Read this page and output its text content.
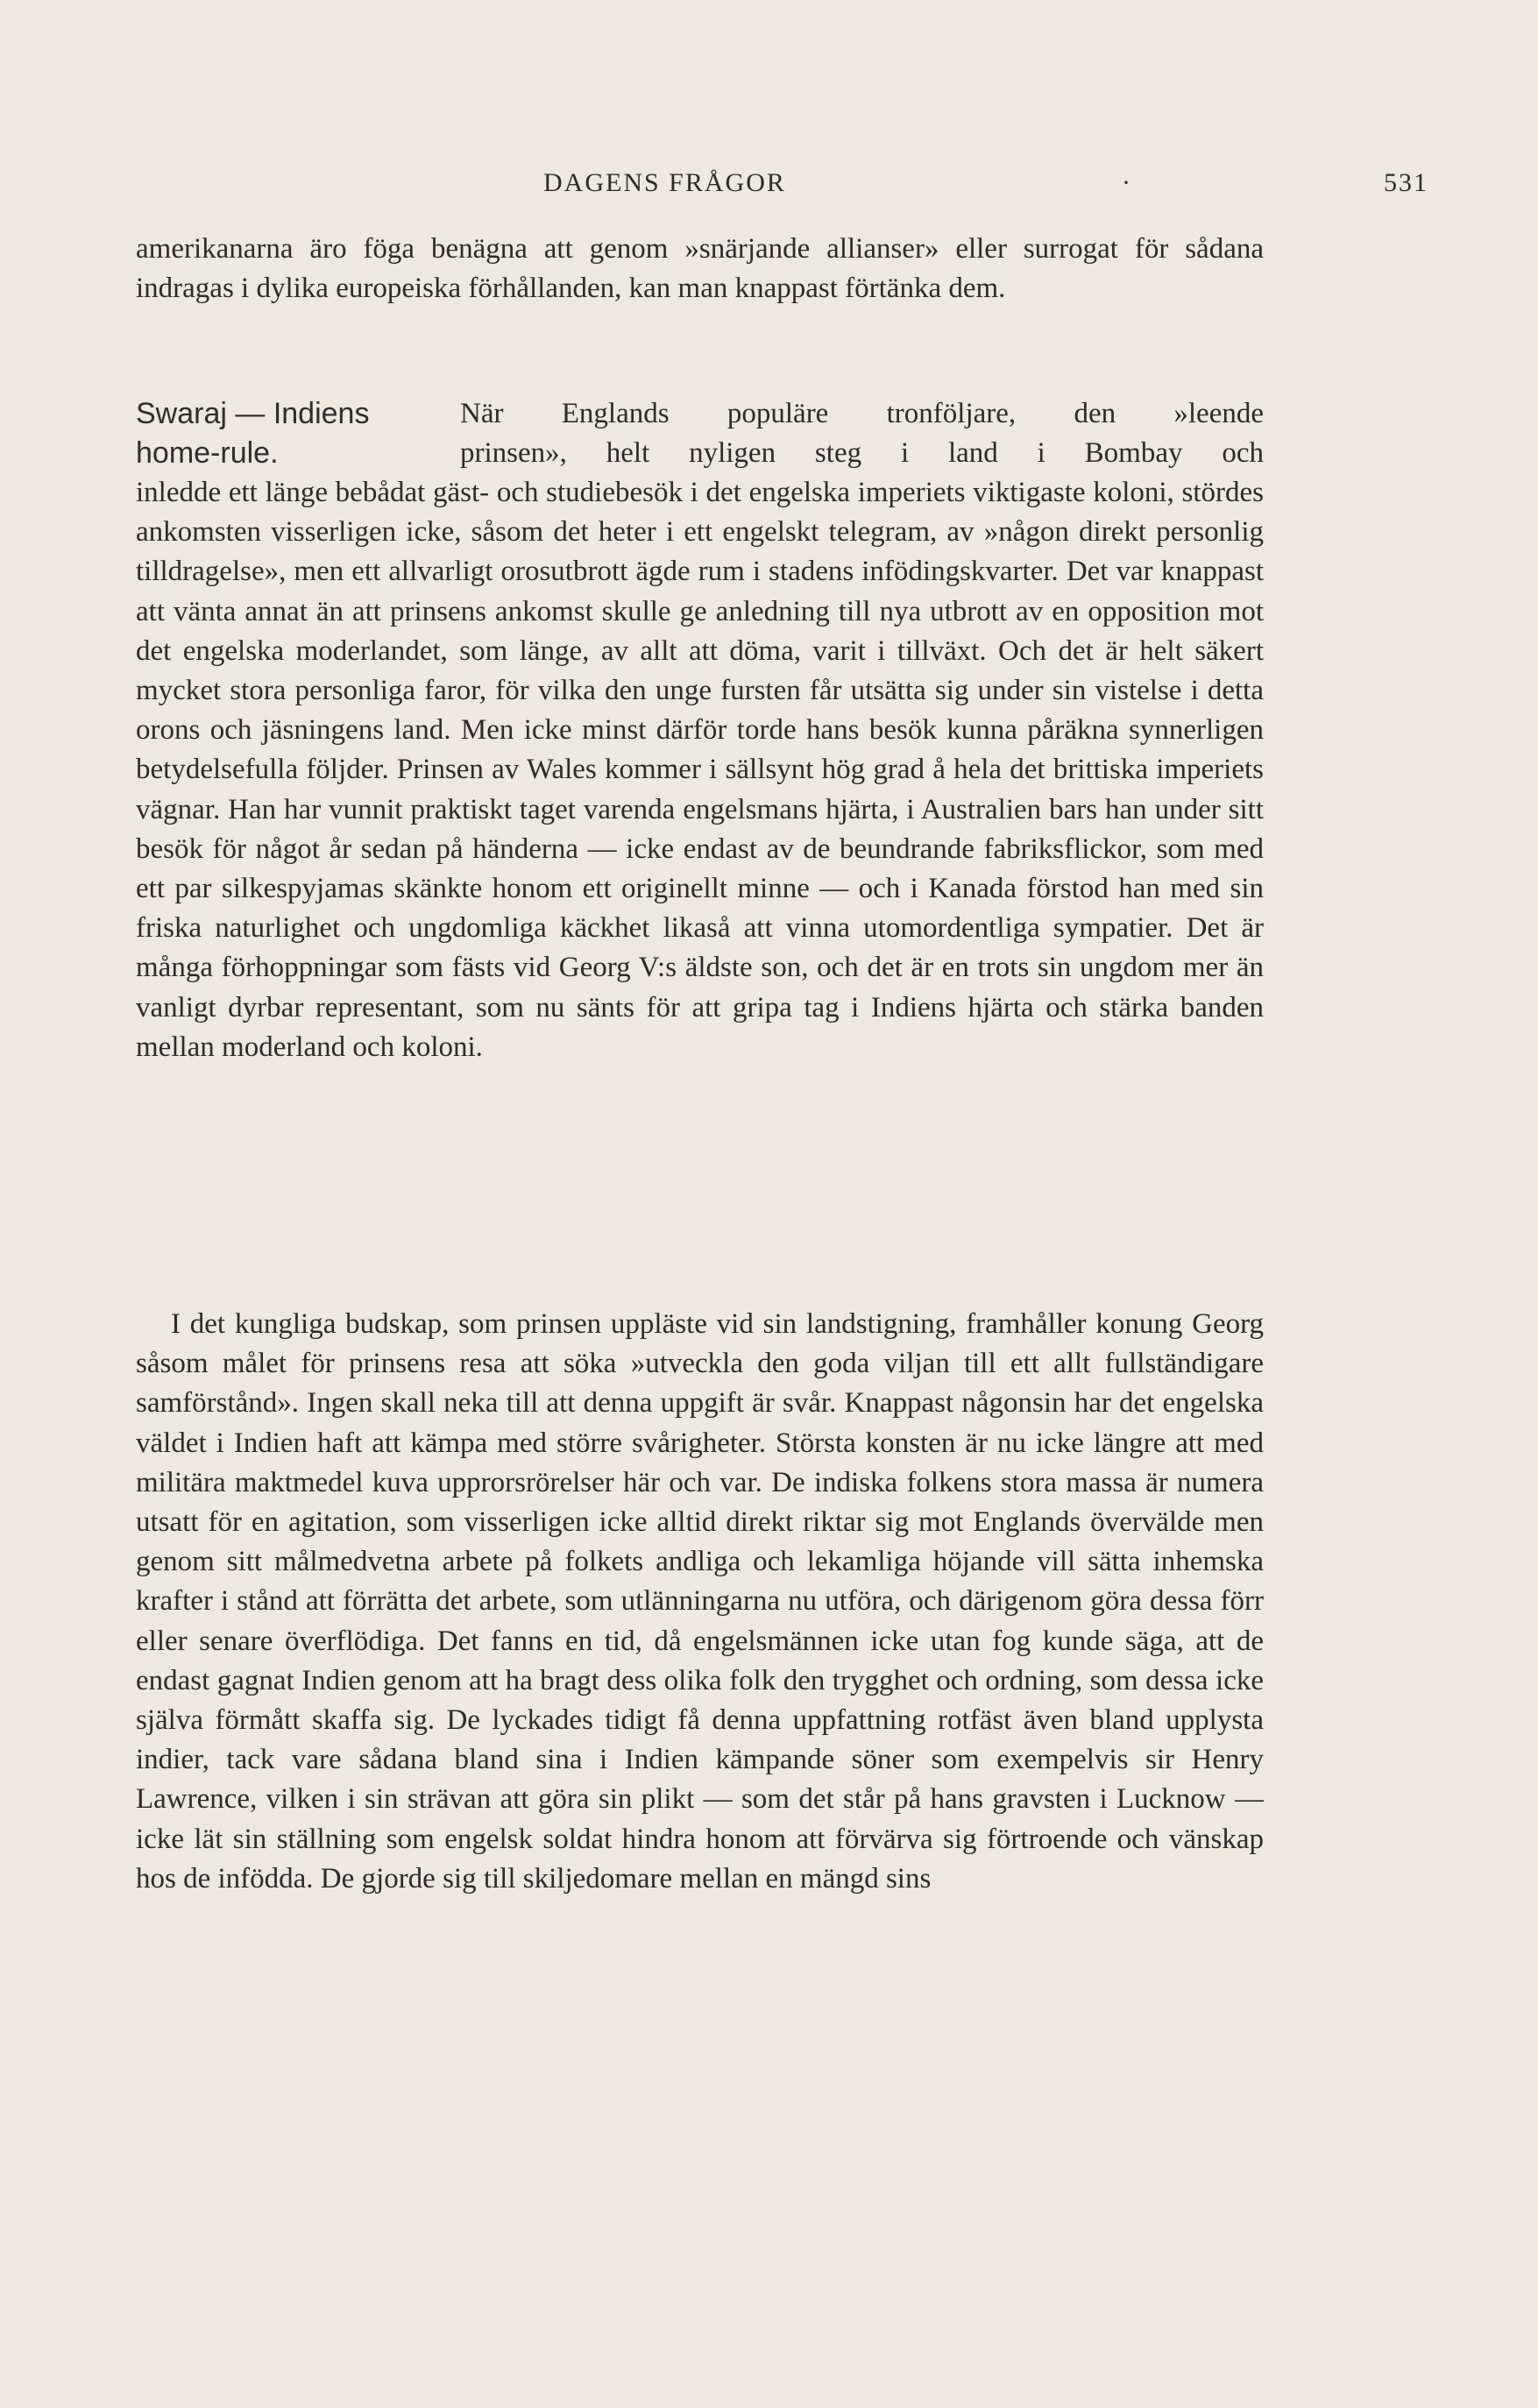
DAGENS FRÅGOR	·	531

amerikanarna äro föga benägna att genom »snärjande allianser» eller surrogat för sådana indragas i dylika europeiska förhållanden, kan man knappast förtänka dem.

Swaraj — Indiens
home-rule.
När Englands populäre tronföljare, den »leende
prinsen», helt nyligen steg i land i Bombay och

inledde ett länge bebådat gäst- och studiebesök i det engelska imperiets viktigaste koloni, stördes ankomsten visserligen icke, såsom det heter i ett engelskt telegram, av »någon direkt personlig tilldragelse», men ett allvarligt orosutbrott ägde rum i stadens infödingskvarter. Det var knappast att vänta annat än att prinsens ankomst skulle ge anledning till nya utbrott av en opposition mot det engelska moderlandet, som länge, av allt att döma, varit i tillväxt. Och det är helt säkert mycket stora personliga faror, för vilka den unge fursten får utsätta sig under sin vistelse i detta orons och jäsningens land. Men icke minst därför torde hans besök kunna påräkna synnerligen betydelsefulla följder. Prinsen av Wales kommer i sällsynt hög grad å hela det brittiska imperiets vägnar. Han har vunnit praktiskt taget varenda engelsmans hjärta, i Australien bars han under sitt besök för något år sedan på händerna — icke endast av de beundrande fabriksflickor, som med ett par silkespyjamas skänkte honom ett originellt minne — och i Kanada förstod han med sin friska naturlighet och ungdomliga käckhet likaså att vinna utomordentliga sympatier. Det är många förhoppningar som fästs vid Georg V:s äldste son, och det är en trots sin ungdom mer än vanligt dyrbar representant, som nu sänts för att gripa tag i Indiens hjärta och stärka banden mellan moderland och koloni.

I det kungliga budskap, som prinsen uppläste vid sin landstigning, framhåller konung Georg såsom målet för prinsens resa att söka »utveckla den goda viljan till ett allt fullständigare samförstånd». Ingen skall neka till att denna uppgift är svår. Knappast någonsin har det engelska väldet i Indien haft att kämpa med större svårigheter. Största konsten är nu icke längre att med militära maktmedel kuva upprorsrörelser här och var. De indiska folkens stora massa är numera utsatt för en agitation, som visserligen icke alltid direkt riktar sig mot Englands övervälde men genom sitt målmedvetna arbete på folkets andliga och lekamliga höjande vill sätta inhemska krafter i stånd att förrätta det arbete, som utlänningarna nu utföra, och därigenom göra dessa förr eller senare överflödiga. Det fanns en tid, då engelsmännen icke utan fog kunde säga, att de endast gagnat Indien genom att ha bragt dess olika folk den trygghet och ordning, som dessa icke själva förmått skaffa sig. De lyckades tidigt få denna uppfattning rotfäst även bland upplysta indier, tack vare sådana bland sina i Indien kämpande söner som exempelvis sir Henry Lawrence, vilken i sin strävan att göra sin plikt — som det står på hans gravsten i Lucknow — icke lät sin ställning som engelsk soldat hindra honom att förvärva sig förtroende och vänskap hos de infödda. De gjorde sig till skiljedomare mellan en mängd sins
